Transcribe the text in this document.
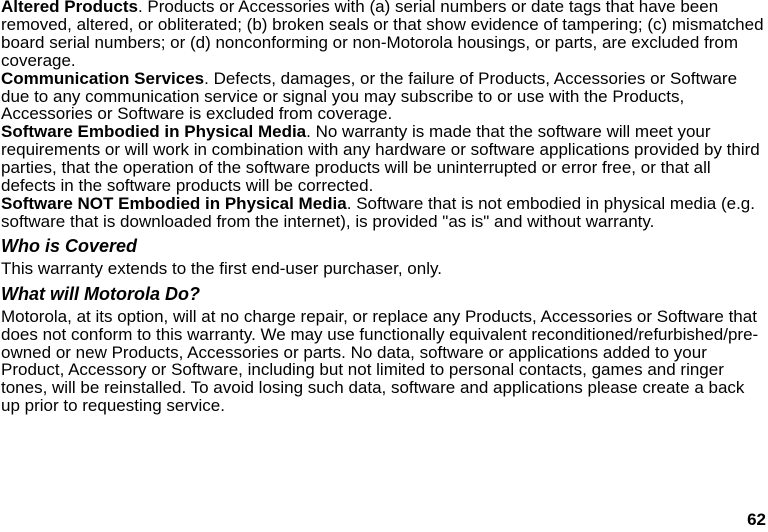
Altered Products. Products or Accessories with (a) serial numbers or date tags that have been removed, altered, or obliterated; (b) broken seals or that show evidence of tampering; (c) mismatched board serial numbers; or (d) nonconforming or non-Motorola housings, or parts, are excluded from coverage.

Communication Services. Defects, damages, or the failure of Products, Accessories or Software due to any communication service or signal you may subscribe to or use with the Products, Accessories or Software is excluded from coverage.

Software Embodied in Physical Media. No warranty is made that the software will meet your requirements or will work in combination with any hardware or software applications provided by third parties, that the operation of the software products will be uninterrupted or error free, or that all defects in the software products will be corrected.

Software NOT Embodied in Physical Media. Software that is not embodied in physical media (e.g. software that is downloaded from the internet), is provided "as is" and without warranty.

Who is Covered

This warranty extends to the first end-user purchaser, only.

What will Motorola Do?

Motorola, at its option, will at no charge repair, or replace any Products, Accessories or Software that does not conform to this warranty. We may use functionally equivalent reconditioned/refurbished/pre-owned or new Products, Accessories or parts. No data, software or applications added to your Product, Accessory or Software, including but not limited to personal contacts, games and ringer tones, will be reinstalled. To avoid losing such data, software and applications please create a back up prior to requesting service.

62
